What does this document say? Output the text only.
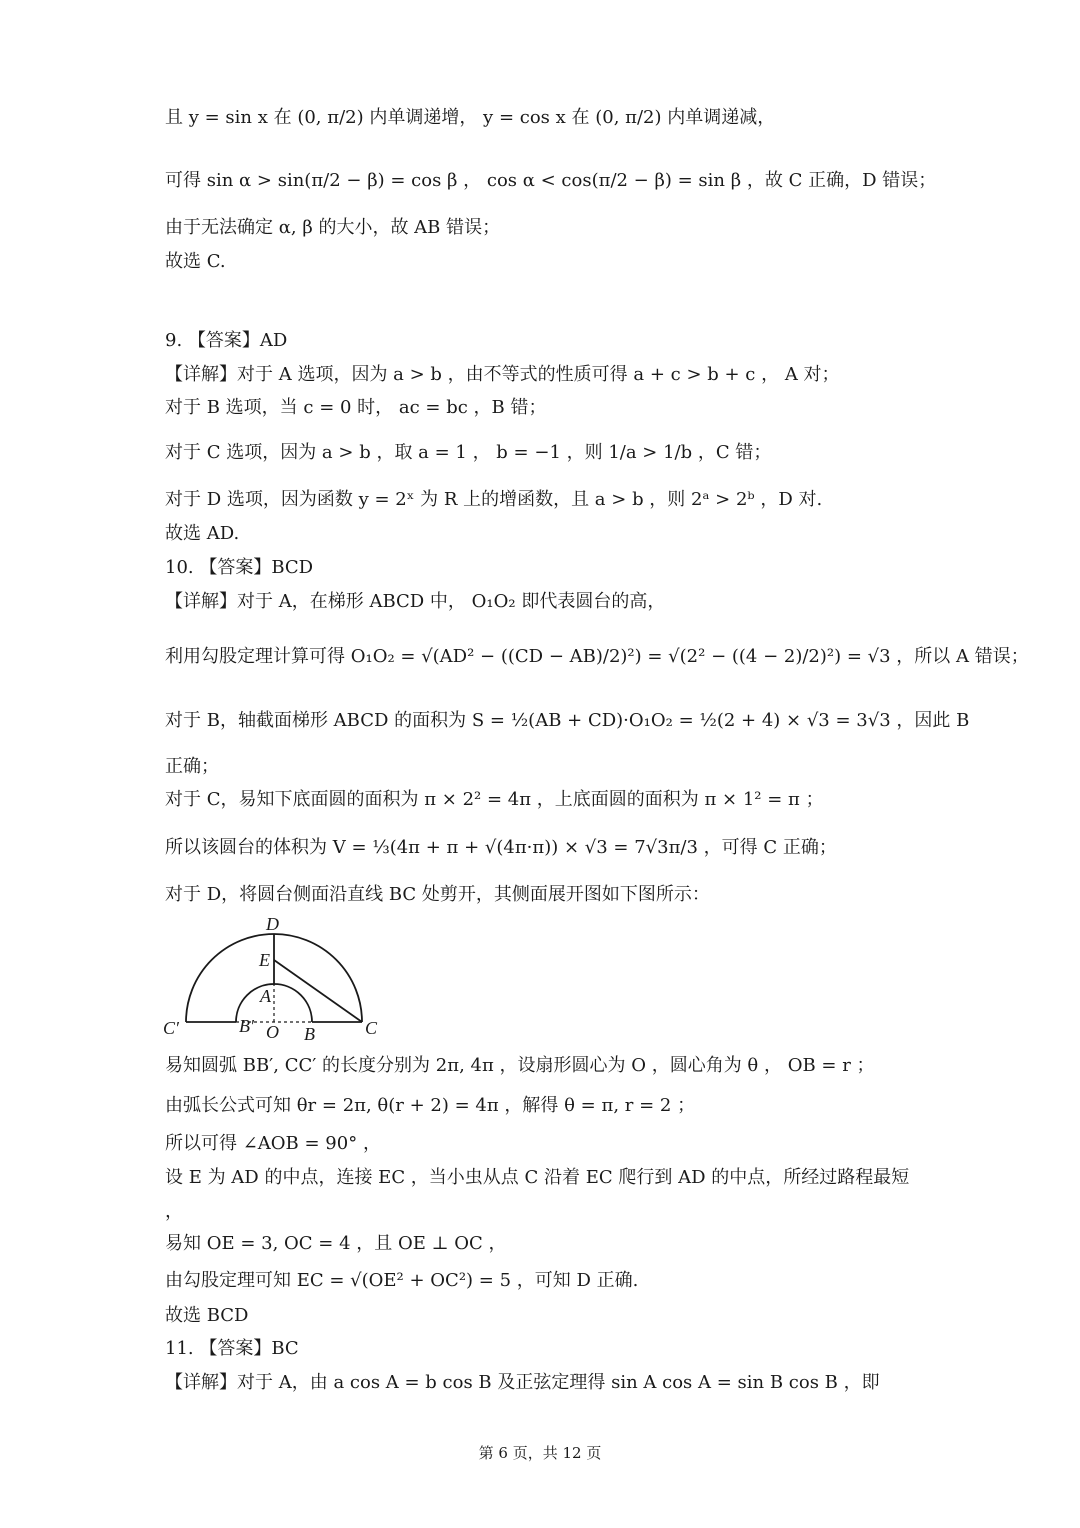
且 y = sin x 在 (0, π/2) 内单调递增， y = cos x 在 (0, π/2) 内单调递减，
可得 sin α > sin(π/2 − β) = cos β ， cos α < cos(π/2 − β) = sin β ，故 C 正确，D 错误；
由于无法确定 α, β 的大小，故 AB 错误；
故选 C.
9. 【答案】AD
【详解】对于 A 选项，因为 a > b ，由不等式的性质可得 a + c > b + c ， A 对；
对于 B 选项，当 c = 0 时， ac = bc ，B 错；
对于 C 选项，因为 a > b ，取 a = 1 ， b = −1 ，则 1/a > 1/b ，C 错；
对于 D 选项，因为函数 y = 2ˣ 为 R 上的增函数，且 a > b ，则 2ᵃ > 2ᵇ ，D 对.
故选 AD.
10. 【答案】BCD
【详解】对于 A，在梯形 ABCD 中， O₁O₂ 即代表圆台的高，
利用勾股定理计算可得 O₁O₂ = √(AD² − ((CD − AB)/2)²) = √(2² − ((4 − 2)/2)²) = √3 ，所以 A 错误；
对于 B，轴截面梯形 ABCD 的面积为 S = ½(AB + CD)·O₁O₂ = ½(2 + 4) × √3 = 3√3 ，因此 B
正确；
对于 C，易知下底面圆的面积为 π × 2² = 4π ，上底面圆的面积为 π × 1² = π ；
所以该圆台的体积为 V = ⅓(4π + π + √(4π·π)) × √3 = 7√3π/3 ，可得 C 正确；
对于 D，将圆台侧面沿直线 BC 处剪开，其侧面展开图如下图所示：
易知圆弧 BB′, CC′ 的长度分别为 2π, 4π ，设扇形圆心为 O ，圆心角为 θ ， OB = r ；
由弧长公式可知 θr = 2π, θ(r + 2) = 4π ，解得 θ = π, r = 2 ；
所以可得 ∠AOB = 90° ，
设 E 为 AD 的中点，连接 EC ，当小虫从点 C 沿着 EC 爬行到 AD 的中点，所经过路程最短
，
易知 OE = 3, OC = 4 ，且 OE ⊥ OC ，
由勾股定理可知 EC = √(OE² + OC²) = 5 ，可知 D 正确.
故选 BCD
11. 【答案】BC
【详解】对于 A，由 a cos A = b cos B 及正弦定理得 sin A cos A = sin B cos B ，即
D
E
A
C′	B′ O B	C
第 6 页，共 12 页
